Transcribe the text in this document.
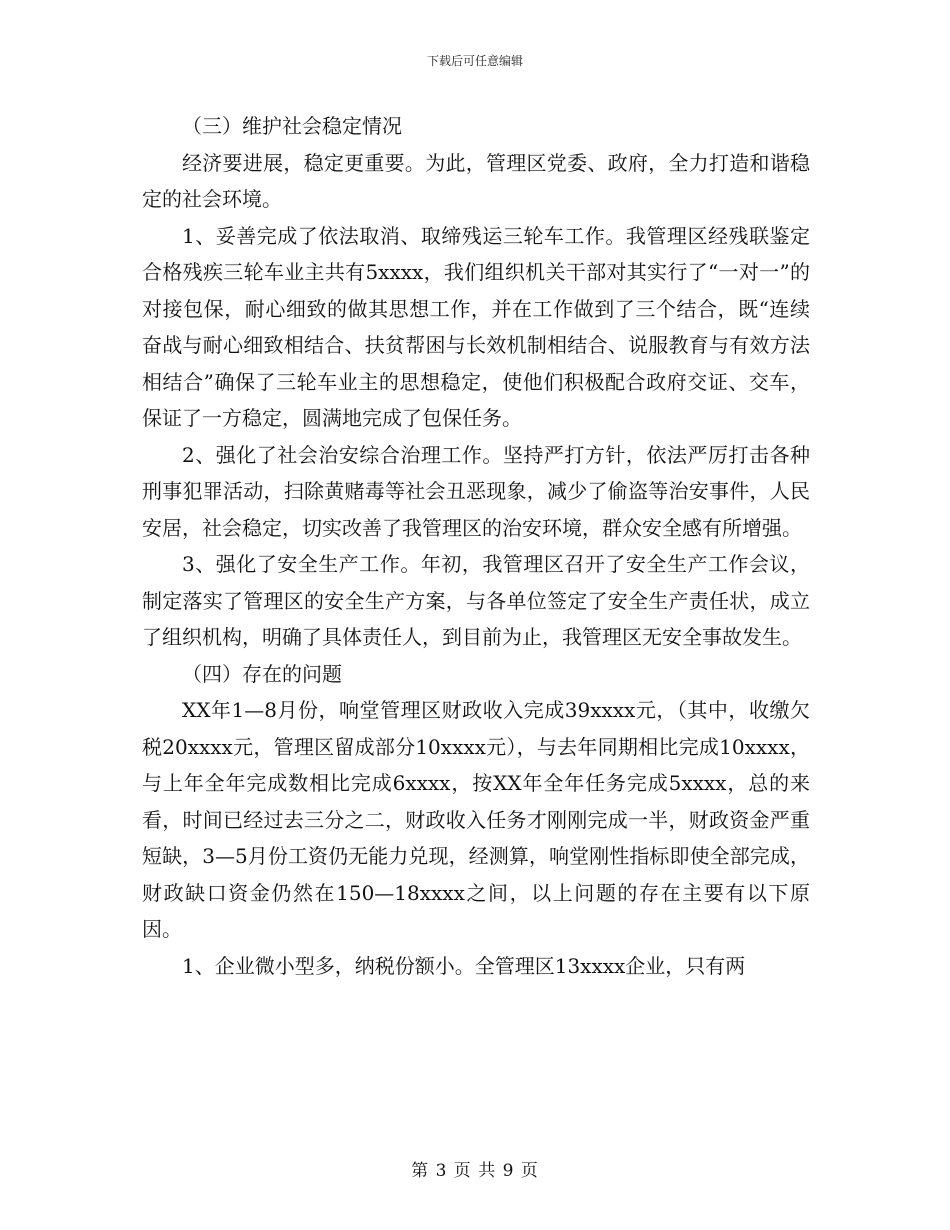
下载后可任意编辑

（三）维护社会稳定情况

经济要进展，稳定更重要。为此，管理区党委、政府，全力打造和谐稳定的社会环境。

1、妥善完成了依法取消、取缔残运三轮车工作。我管理区经残联鉴定合格残疾三轮车业主共有5xxxx，我们组织机关干部对其实行了“一对一”的对接包保，耐心细致的做其思想工作，并在工作做到了三个结合，既“连续奋战与耐心细致相结合、扶贫帮困与长效机制相结合、说服教育与有效方法相结合”确保了三轮车业主的思想稳定，使他们积极配合政府交证、交车，保证了一方稳定，圆满地完成了包保任务。

2、强化了社会治安综合治理工作。坚持严打方针，依法严厉打击各种刑事犯罪活动，扫除黄赌毒等社会丑恶现象，减少了偷盗等治安事件，人民安居，社会稳定，切实改善了我管理区的治安环境，群众安全感有所增强。

3、强化了安全生产工作。年初，我管理区召开了安全生产工作会议，制定落实了管理区的安全生产方案，与各单位签定了安全生产责任状，成立了组织机构，明确了具体责任人，到目前为止，我管理区无安全事故发生。

（四）存在的问题

XX年1—8月份，响堂管理区财政收入完成39xxxx元，（其中，收缴欠税20xxxx元，管理区留成部分10xxxx元），与去年同期相比完成10xxxx，与上年全年完成数相比完成6xxxx，按XX年全年任务完成5xxxx，总的来看，时间已经过去三分之二，财政收入任务才刚刚完成一半，财政资金严重短缺，3—5月份工资仍无能力兑现，经测算，响堂刚性指标即使全部完成，财政缺口资金仍然在150—18xxxx之间，以上问题的存在主要有以下原因。

1、企业微小型多，纳税份额小。全管理区13xxxx企业，只有两

第 3 页 共 9 页
